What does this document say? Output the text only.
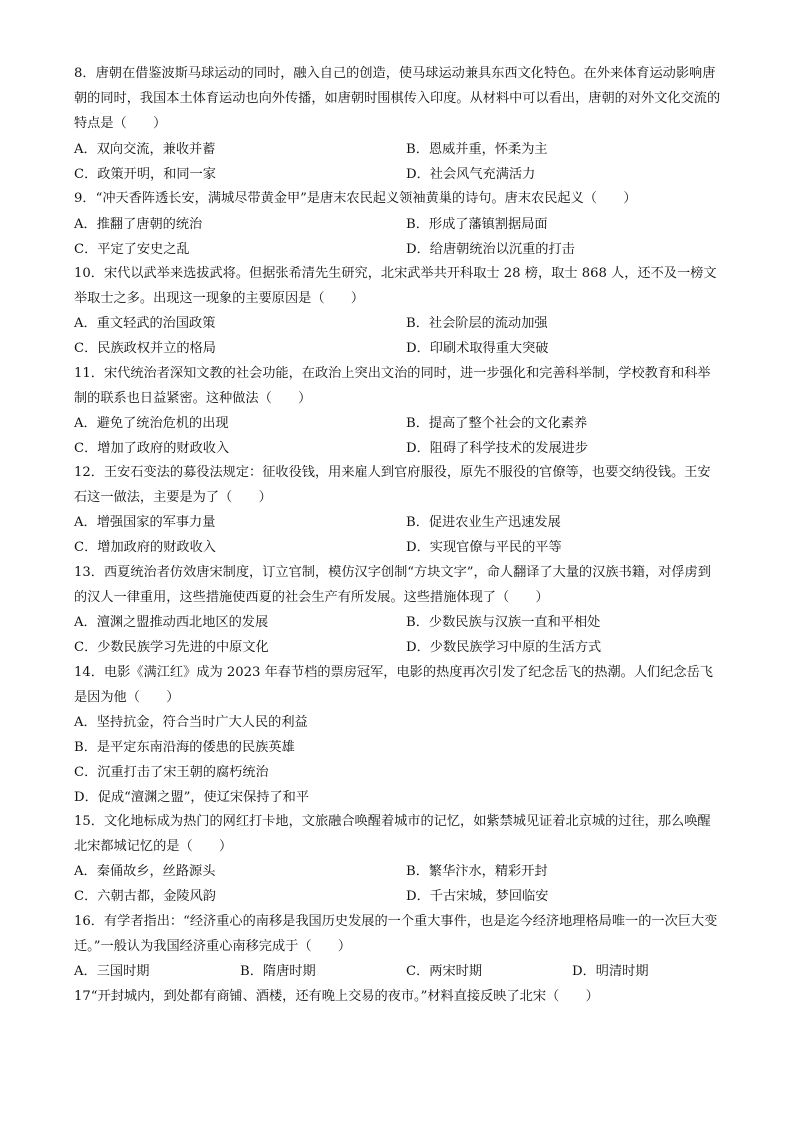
8．唐朝在借鉴波斯马球运动的同时，融入自己的创造，使马球运动兼具东西文化特色。在外来体育运动影响唐朝的同时，我国本土体育运动也向外传播，如唐朝时围棋传入印度。从材料中可以看出，唐朝的对外文化交流的特点是（　　）

A．双向交流，兼收并蓄	B．恩威并重，怀柔为主
C．政策开明，和同一家	D．社会风气充满活力

9．“冲天香阵透长安，满城尽带黄金甲”是唐末农民起义领袖黄巢的诗句。唐末农民起义（　　）

A．推翻了唐朝的统治	B．形成了藩镇割据局面
C．平定了安史之乱	D．给唐朝统治以沉重的打击

10．宋代以武举来选拔武将。但据张希清先生研究，北宋武举共开科取士 28 榜，取士 868 人，还不及一榜文举取士之多。出现这一现象的主要原因是（　　）

A．重文轻武的治国政策	B．社会阶层的流动加强
C．民族政权并立的格局	D．印刷术取得重大突破

11．宋代统治者深知文教的社会功能，在政治上突出文治的同时，进一步强化和完善科举制，学校教育和科举制的联系也日益紧密。这种做法（　　）

A．避免了统治危机的出现	B．提高了整个社会的文化素养
C．增加了政府的财政收入	D．阻碍了科学技术的发展进步

12．王安石变法的募役法规定：征收役钱，用来雇人到官府服役，原先不服役的官僚等，也要交纳役钱。王安石这一做法，主要是为了（　　）

A．增强国家的军事力量	B．促进农业生产迅速发展
C．增加政府的财政收入	D．实现官僚与平民的平等

13．西夏统治者仿效唐宋制度，订立官制，模仿汉字创制“方块文字”，命人翻译了大量的汉族书籍，对俘虏到的汉人一律重用，这些措施使西夏的社会生产有所发展。这些措施体现了（　　）

A．澶渊之盟推动西北地区的发展	B．少数民族与汉族一直和平相处
C．少数民族学习先进的中原文化	D．少数民族学习中原的生活方式

14．电影《满江红》成为 2023 年春节档的票房冠军，电影的热度再次引发了纪念岳飞的热潮。人们纪念岳飞是因为他（　　）

A．坚持抗金，符合当时广大人民的利益
B．是平定东南沿海的倭患的民族英雄
C．沉重打击了宋王朝的腐朽统治
D．促成“澶渊之盟”，使辽宋保持了和平

15．文化地标成为热门的网红打卡地，文旅融合唤醒着城市的记忆，如紫禁城见证着北京城的过往，那么唤醒北宋都城记忆的是（　　）

A．秦俑故乡，丝路源头	B．繁华汴水，精彩开封
C．六朝古都，金陵风韵	D．千古宋城，梦回临安

16．有学者指出：“经济重心的南移是我国历史发展的一个重大事件，也是迄今经济地理格局唯一的一次巨大变迁。”一般认为我国经济重心南移完成于（　　）

A．三国时期	B．隋唐时期	C．两宋时期	D．明清时期

17“开封城内，到处都有商铺、酒楼，还有晚上交易的夜市。”材料直接反映了北宋（　　）
